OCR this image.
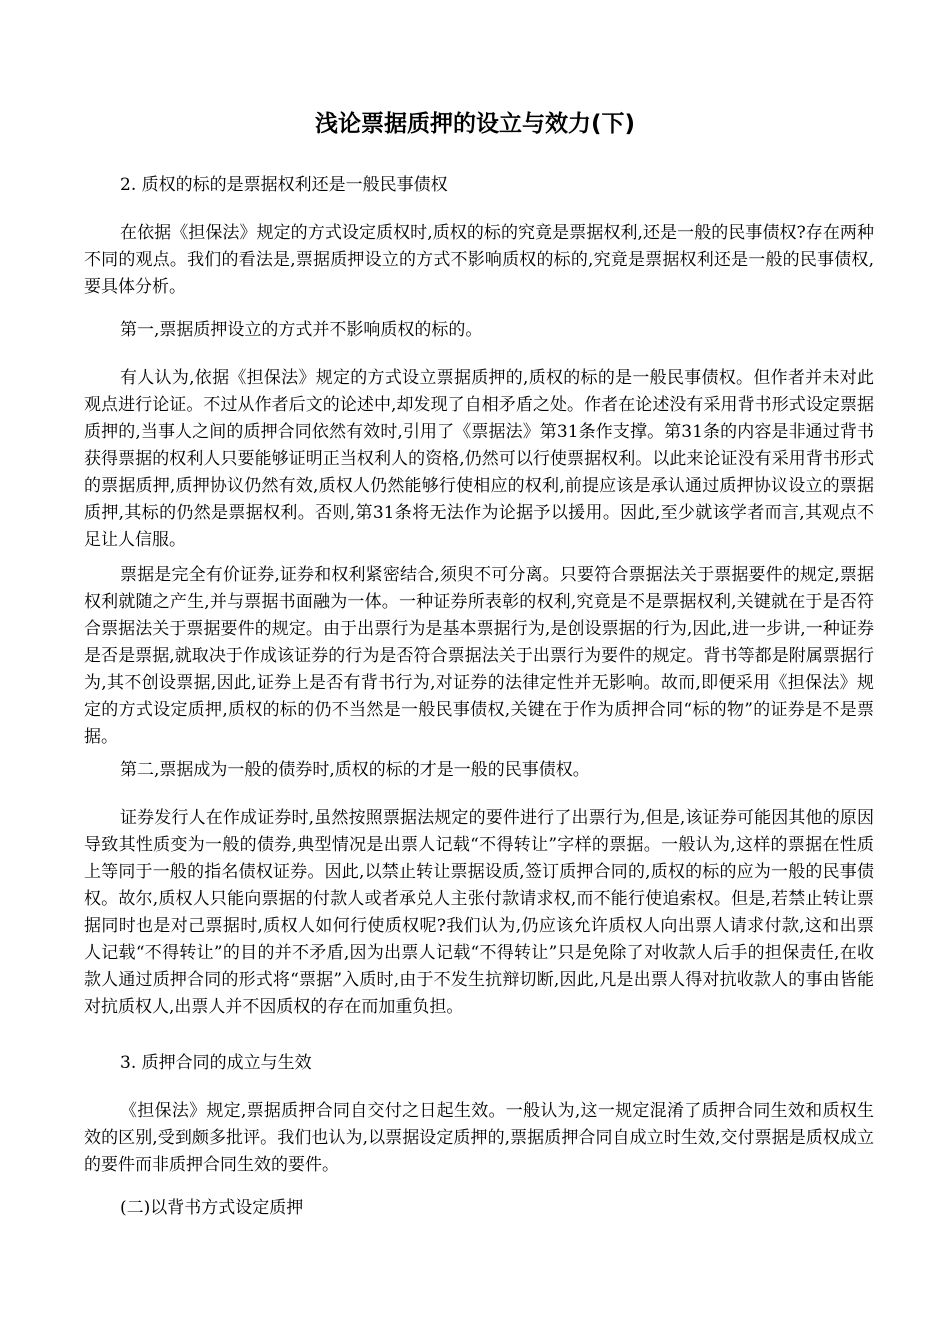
浅论票据质押的设立与效力(下)

2. 质权的标的是票据权利还是一般民事债权

在依据《担保法》规定的方式设定质权时,质权的标的究竟是票据权利,还是一般的民事债权?存在两种不同的观点。我们的看法是,票据质押设立的方式不影响质权的标的,究竟是票据权利还是一般的民事债权,要具体分析。

第一,票据质押设立的方式并不影响质权的标的。

有人认为,依据《担保法》规定的方式设立票据质押的,质权的标的是一般民事债权。但作者并未对此观点进行论证。不过从作者后文的论述中,却发现了自相矛盾之处。作者在论述没有采用背书形式设定票据质押的,当事人之间的质押合同依然有效时,引用了《票据法》第31条作支撑。第31条的内容是非通过背书获得票据的权利人只要能够证明正当权利人的资格,仍然可以行使票据权利。以此来论证没有采用背书形式的票据质押,质押协议仍然有效,质权人仍然能够行使相应的权利,前提应该是承认通过质押协议设立的票据质押,其标的仍然是票据权利。否则,第31条将无法作为论据予以援用。因此,至少就该学者而言,其观点不足让人信服。

票据是完全有价证券,证券和权利紧密结合,须臾不可分离。只要符合票据法关于票据要件的规定,票据权利就随之产生,并与票据书面融为一体。一种证券所表彰的权利,究竟是不是票据权利,关键就在于是否符合票据法关于票据要件的规定。由于出票行为是基本票据行为,是创设票据的行为,因此,进一步讲,一种证券是否是票据,就取决于作成该证券的行为是否符合票据法关于出票行为要件的规定。背书等都是附属票据行为,其不创设票据,因此,证券上是否有背书行为,对证券的法律定性并无影响。故而,即便采用《担保法》规定的方式设定质押,质权的标的仍不当然是一般民事债权,关键在于作为质押合同“标的物”的证券是不是票据。

第二,票据成为一般的债券时,质权的标的才是一般的民事债权。

证券发行人在作成证券时,虽然按照票据法规定的要件进行了出票行为,但是,该证券可能因其他的原因导致其性质变为一般的债券,典型情况是出票人记载“不得转让”字样的票据。一般认为,这样的票据在性质上等同于一般的指名债权证券。因此,以禁止转让票据设质,签订质押合同的,质权的标的应为一般的民事债权。故尔,质权人只能向票据的付款人或者承兑人主张付款请求权,而不能行使追索权。但是,若禁止转让票据同时也是对己票据时,质权人如何行使质权呢?我们认为,仍应该允许质权人向出票人请求付款,这和出票人记载“不得转让”的目的并不矛盾,因为出票人记载“不得转让”只是免除了对收款人后手的担保责任,在收款人通过质押合同的形式将“票据”入质时,由于不发生抗辩切断,因此,凡是出票人得对抗收款人的事由皆能对抗质权人,出票人并不因质权的存在而加重负担。

3. 质押合同的成立与生效

《担保法》规定,票据质押合同自交付之日起生效。一般认为,这一规定混淆了质押合同生效和质权生效的区别,受到颇多批评。我们也认为,以票据设定质押的,票据质押合同自成立时生效,交付票据是质权成立的要件而非质押合同生效的要件。

(二)以背书方式设定质押
